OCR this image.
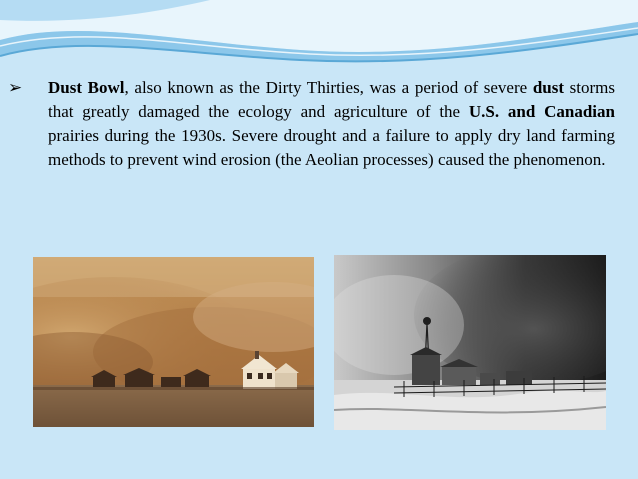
➢ Dust Bowl, also known as the Dirty Thirties, was a period of severe dust storms that greatly damaged the ecology and agriculture of the U.S. and Canadian prairies during the 1930s. Severe drought and a failure to apply dry land farming methods to prevent wind erosion (the Aeolian processes) caused the phenomenon.
